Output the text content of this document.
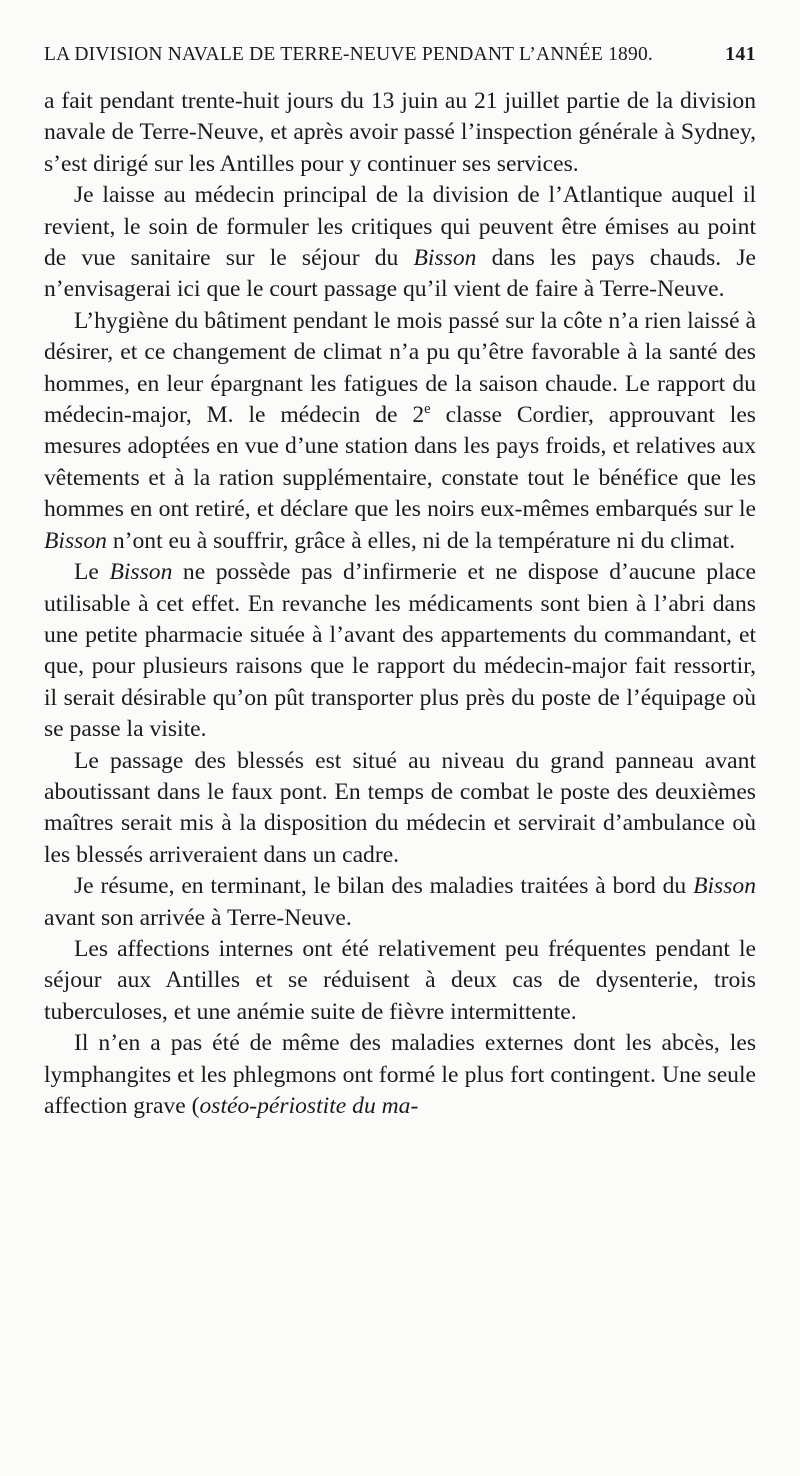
LA DIVISION NAVALE DE TERRE-NEUVE PENDANT L’ANNÉE 1890.	141

a fait pendant trente-huit jours du 13 juin au 21 juillet partie de la division navale de Terre-Neuve, et après avoir passé l’inspection générale à Sydney, s’est dirigé sur les Antilles pour y continuer ses services.

Je laisse au médecin principal de la division de l’Atlantique auquel il revient, le soin de formuler les critiques qui peuvent être émises au point de vue sanitaire sur le séjour du Bisson dans les pays chauds. Je n’envisagerai ici que le court passage qu’il vient de faire à Terre-Neuve.

L’hygiène du bâtiment pendant le mois passé sur la côte n’a rien laissé à désirer, et ce changement de climat n’a pu qu’être favorable à la santé des hommes, en leur épargnant les fatigues de la saison chaude. Le rapport du médecin-major, M. le médecin de 2e classe Cordier, approuvant les mesures adoptées en vue d’une station dans les pays froids, et relatives aux vêtements et à la ration supplémentaire, constate tout le bénéfice que les hommes en ont retiré, et déclare que les noirs eux-mêmes embarqués sur le Bisson n’ont eu à souffrir, grâce à elles, ni de la température ni du climat.

Le Bisson ne possède pas d’infirmerie et ne dispose d’aucune place utilisable à cet effet. En revanche les médicaments sont bien à l’abri dans une petite pharmacie située à l’avant des appartements du commandant, et que, pour plusieurs raisons que le rapport du médecin-major fait ressortir, il serait désirable qu’on pût transporter plus près du poste de l’équipage où se passe la visite.

Le passage des blessés est situé au niveau du grand panneau avant aboutissant dans le faux pont. En temps de combat le poste des deuxièmes maîtres serait mis à la disposition du médecin et servirait d’ambulance où les blessés arriveraient dans un cadre.

Je résume, en terminant, le bilan des maladies traitées à bord du Bisson avant son arrivée à Terre-Neuve.

Les affections internes ont été relativement peu fréquentes pendant le séjour aux Antilles et se réduisent à deux cas de dysenterie, trois tuberculoses, et une anémie suite de fièvre intermittente.

Il n’en a pas été de même des maladies externes dont les abcès, les lymphangites et les phlegmons ont formé le plus fort contingent. Une seule affection grave (ostéo-périostite du ma-
